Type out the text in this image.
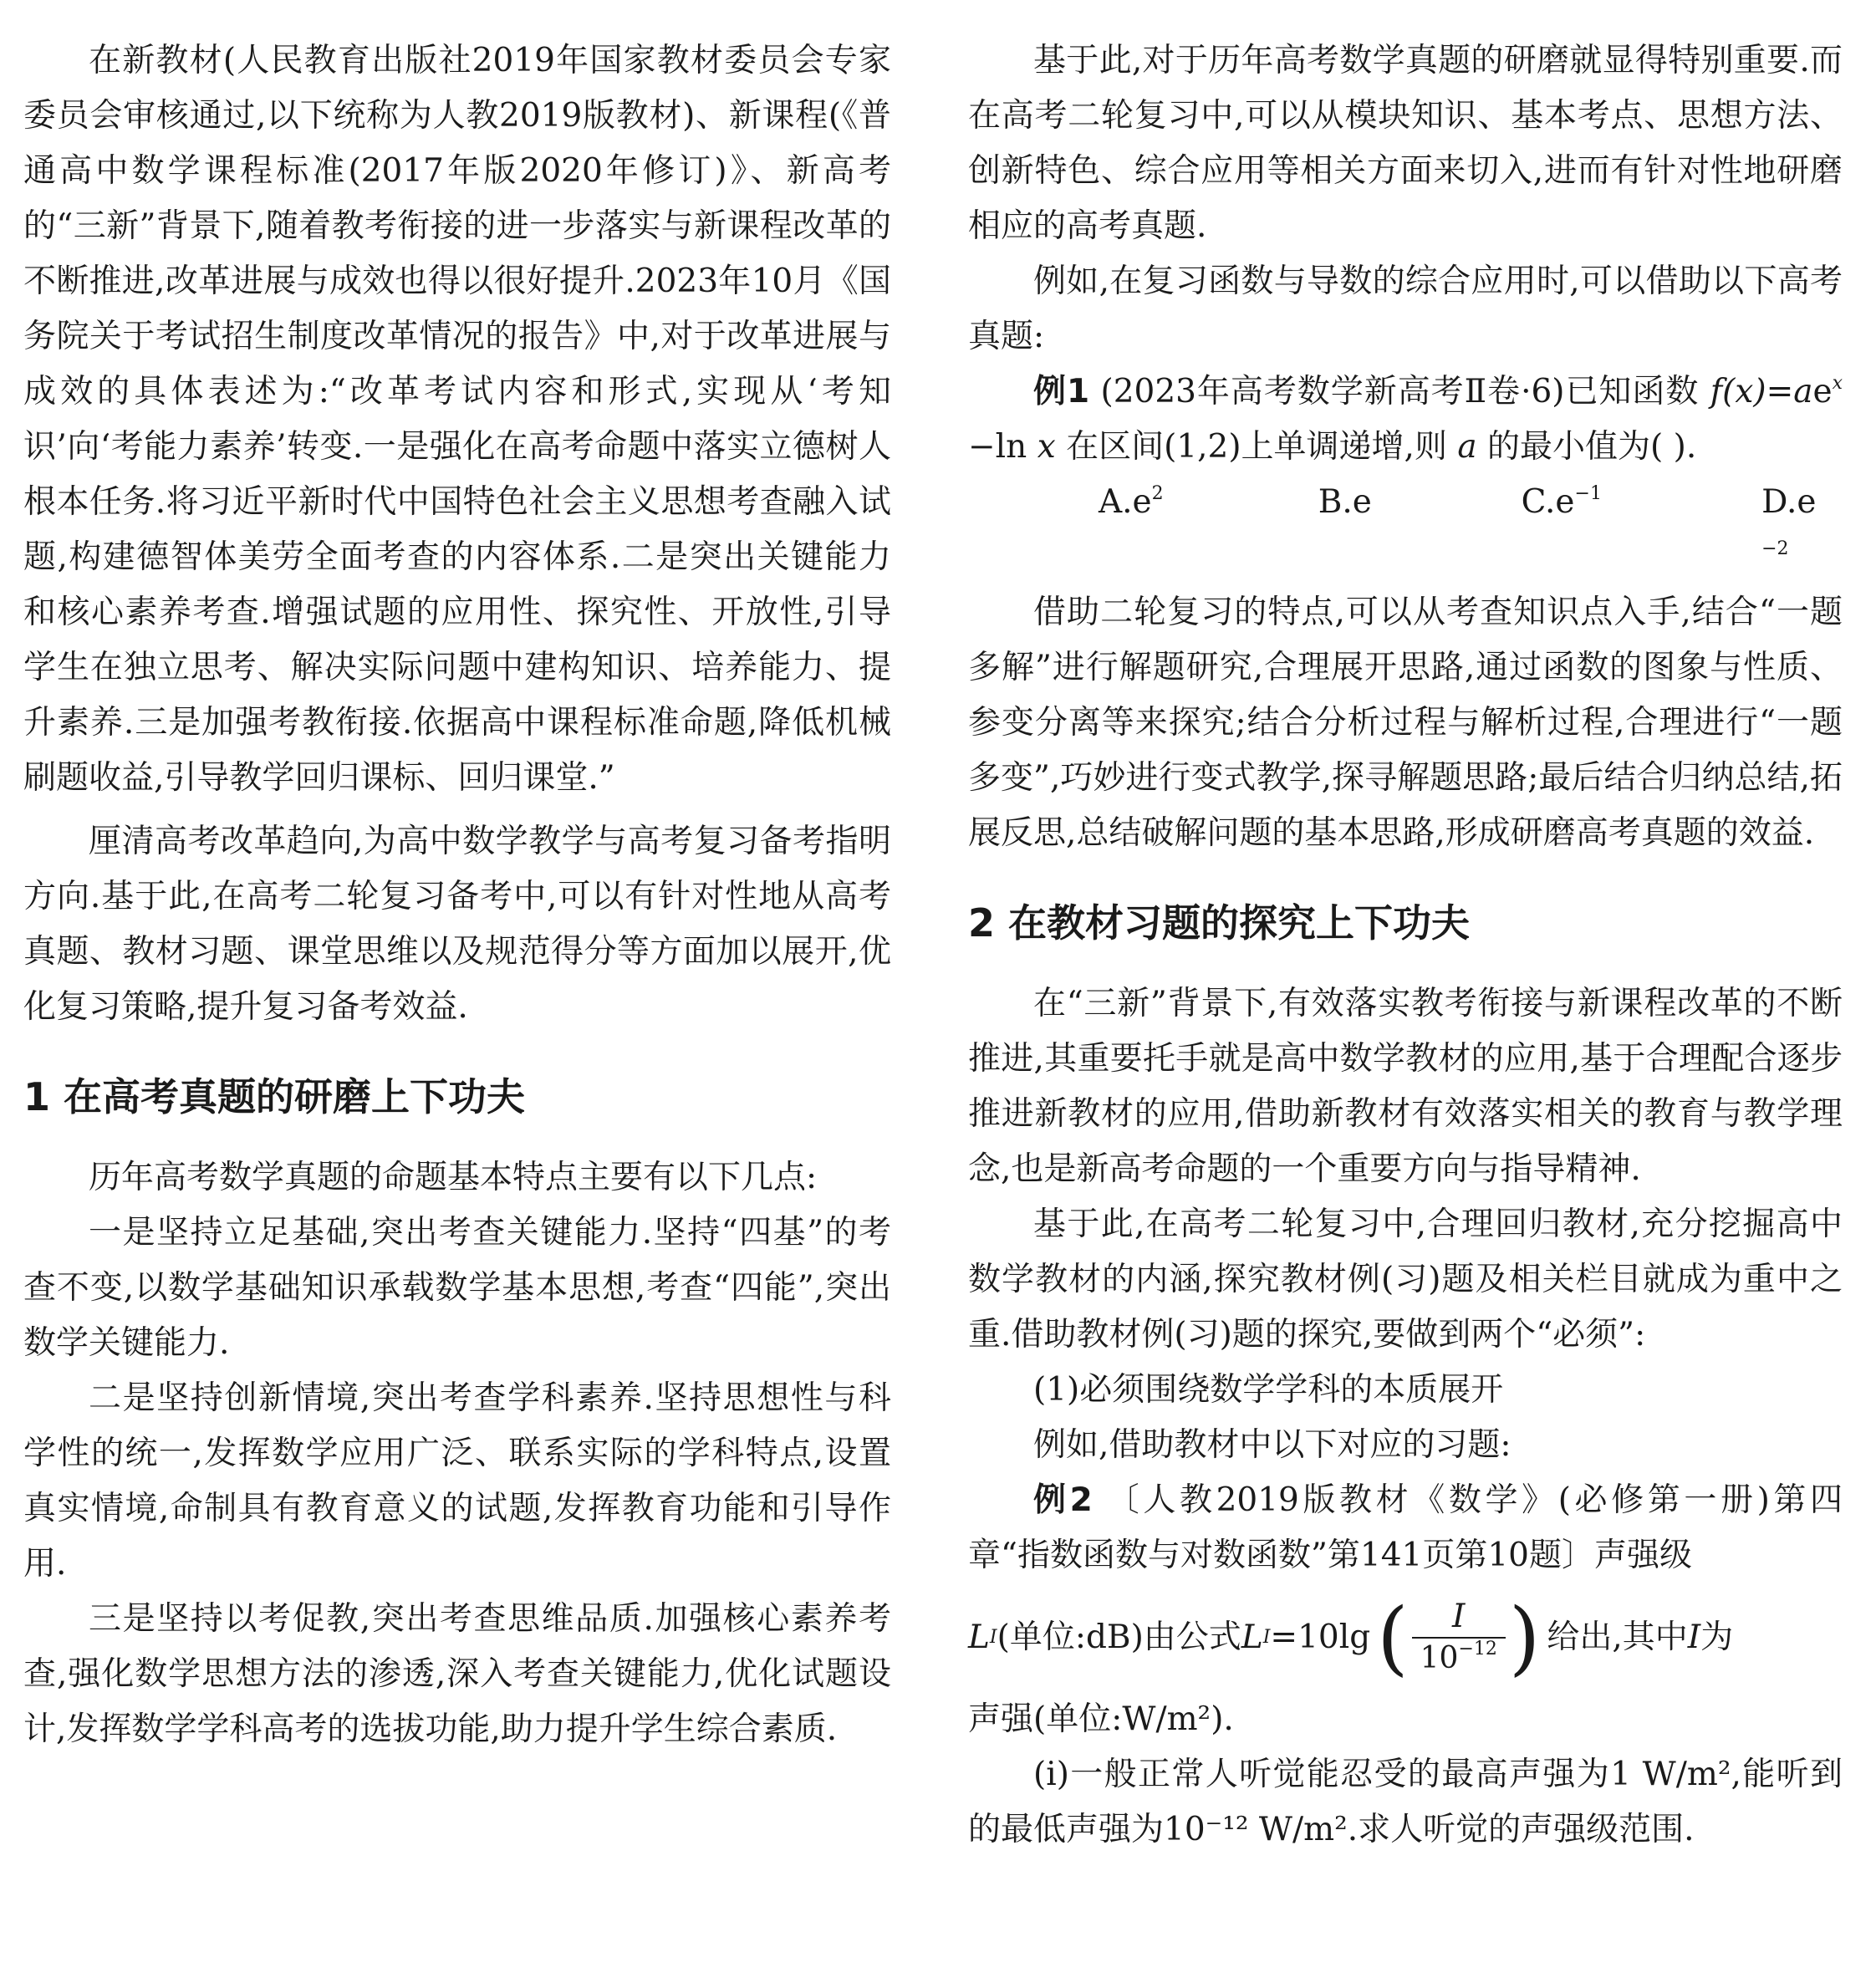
在新教材(人民教育出版社2019年国家教材委员会专家委员会审核通过,以下统称为人教2019版教材)、新课程(《普通高中数学课程标准(2017年版2020年修订)》、新高考的“三新”背景下,随着教考衔接的进一步落实与新课程改革的不断推进,改革进展与成效也得以很好提升.2023年10月《国务院关于考试招生制度改革情况的报告》中,对于改革进展与成效的具体表述为:“改革考试内容和形式,实现从‘考知识’向‘考能力素养’转变.一是强化在高考命题中落实立德树人根本任务.将习近平新时代中国特色社会主义思想考查融入试题,构建德智体美劳全面考查的内容体系.二是突出关键能力和核心素养考查.增强试题的应用性、探究性、开放性,引导学生在独立思考、解决实际问题中建构知识、培养能力、提升素养.三是加强考教衔接.依据高中课程标准命题,降低机械刷题收益,引导教学回归课标、回归课堂.”

厘清高考改革趋向,为高中数学教学与高考复习备考指明方向.基于此,在高考二轮复习备考中,可以有针对性地从高考真题、教材习题、课堂思维以及规范得分等方面加以展开,优化复习策略,提升复习备考效益.

1 在高考真题的研磨上下功夫

历年高考数学真题的命题基本特点主要有以下几点:

一是坚持立足基础,突出考查关键能力.坚持“四基”的考查不变,以数学基础知识承载数学基本思想,考查“四能”,突出数学关键能力.

二是坚持创新情境,突出考查学科素养.坚持思想性与科学性的统一,发挥数学应用广泛、联系实际的学科特点,设置真实情境,命制具有教育意义的试题,发挥教育功能和引导作用.

三是坚持以考促教,突出考查思维品质.加强核心素养考查,强化数学思想方法的渗透,深入考查关键能力,优化试题设计,发挥数学学科高考的选拔功能,助力提升学生综合素质.

基于此,对于历年高考数学真题的研磨就显得特别重要.而在高考二轮复习中,可以从模块知识、基本考点、思想方法、创新特色、综合应用等相关方面来切入,进而有针对性地研磨相应的高考真题.

例如,在复习函数与导数的综合应用时,可以借助以下高考真题:

例1 (2023年高考数学新高考Ⅱ卷·6)已知函数 $f(x)=ae^x -\ln$ x 在区间(1,2)上单调递增,则 a 的最小值为( ).

$A.e^2$	B.e	$C.e^{-1}$	$D.e^{-2}$

借助二轮复习的特点,可以从考查知识点入手,结合“一题多解”进行解题研究,合理展开思路,通过函数的图象与性质、参变分离等来探究;结合分析过程与解析过程,合理进行“一题多变”,巧妙进行变式教学,探寻解题思路;最后结合归纳总结,拓展反思,总结破解问题的基本思路,形成研磨高考真题的效益.

2 在教材习题的探究上下功夫

在“三新”背景下,有效落实教考衔接与新课程改革的不断推进,其重要托手就是高中数学教材的应用,基于合理配合逐步推进新教材的应用,借助新教材有效落实相关的教育与教学理念,也是新高考命题的一个重要方向与指导精神.

基于此,在高考二轮复习中,合理回归教材,充分挖掘高中数学教材的内涵,探究教材例(习)题及相关栏目就成为重中之重.借助教材例(习)题的探究,要做到两个“必须”:

(1)必须围绕数学学科的本质展开

例如,借助教材中以下对应的习题:

例2 〔人教2019版教材《数学》(必修第一册)第四章“指数函数与对数函数”第141页第10题〕声强级

L I (单位:dB)由公式 L I =10lg ( $\frac{I}{10^{-12}}$ ) 给出,其中 I 为

声强(单位:W/m²).

(i)一般正常人听觉能忍受的最高声强为1 W/m²,能听到的最低声强为10⁻¹² W/m².求人听觉的声强级范围.
